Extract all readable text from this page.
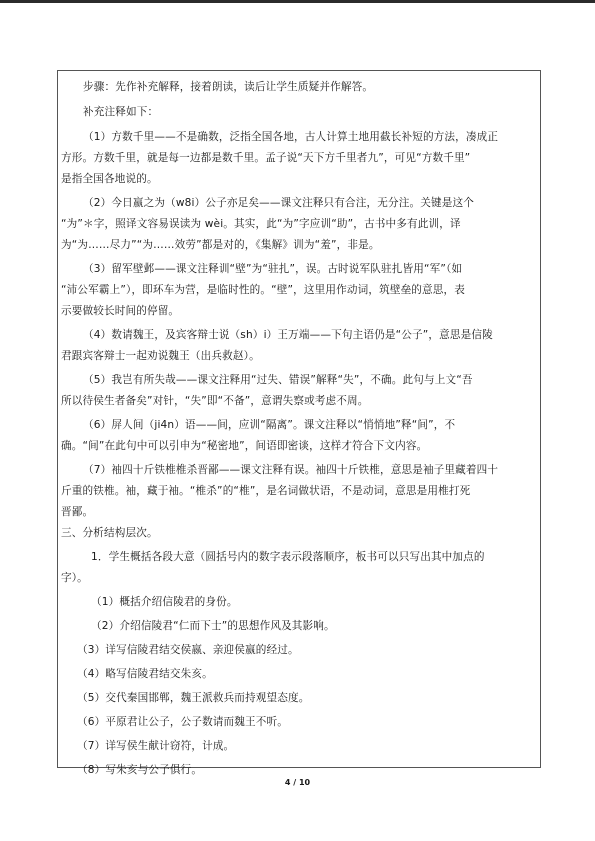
步骤：先作补充解释，接着朗读，读后让学生质疑并作解答。
补充注释如下：
（1）方数千里——不是确数，泛指全国各地，古人计算土地用截长补短的方法，凑成正
方形。方数千里，就是每一边都是数千里。孟子说“天下方千里者九”，可见“方数千里”
是指全国各地说的。
（2）今日嬴之为（w8i）公子亦足矣——课文注释只有合注，无分注。关键是这个
“为”＊字，照译文容易误读为 wèi。其实，此“为”字应训“助”，古书中多有此训，译
为“为……尽力”“为……效劳”都是对的，《集解》训为“羞”，非是。
（3）留军壁邺——课文注释训“壁”为“驻扎”，误。古时说军队驻扎皆用“军”（如
“沛公军霸上”），即环车为营，是临时性的。“壁”，这里用作动词，筑壁垒的意思，表
示要做较长时间的停留。
（4）数请魏王，及宾客辩士说（sh）i）王万端——下句主语仍是“公子”，意思是信陵
君跟宾客辩士一起劝说魏王（出兵救赵）。
（5）我岂有所失哉——课文注释用“过失、错误”解释“失”，不确。此句与上文“吾
所以待侯生者备矣”对针，“失”即“不备”，意谓失察或考虑不周。
（6）屏人间（ji4n）语——间，应训“隔离”。课文注释以“悄悄地”释“间”，不
确。“间”在此句中可以引申为“秘密地”，间语即密谈，这样才符合下文内容。
（7）袖四十斤铁椎椎杀晋鄙——课文注释有误。袖四十斤铁椎，意思是袖子里藏着四十
斤重的铁椎。袖，藏于袖。“椎杀”的“椎”，是名词做状语，不是动词，意思是用椎打死
晋鄙。
三、分析结构层次。
1．学生概括各段大意（圆括号内的数字表示段落顺序，板书可以只写出其中加点的
字）。
（1）概括介绍信陵君的身份。
（2）介绍信陵君“仁而下士”的思想作风及其影响。
（3）详写信陵君结交侯嬴、亲迎侯嬴的经过。
（4）略写信陵君结交朱亥。
（5）交代秦国邯郸，魏王派救兵而持观望态度。
（6）平原君让公子，公子数请而魏王不听。
（7）详写侯生献计窃符，计成。
（8）写朱亥与公子俱行。
4 / 10
